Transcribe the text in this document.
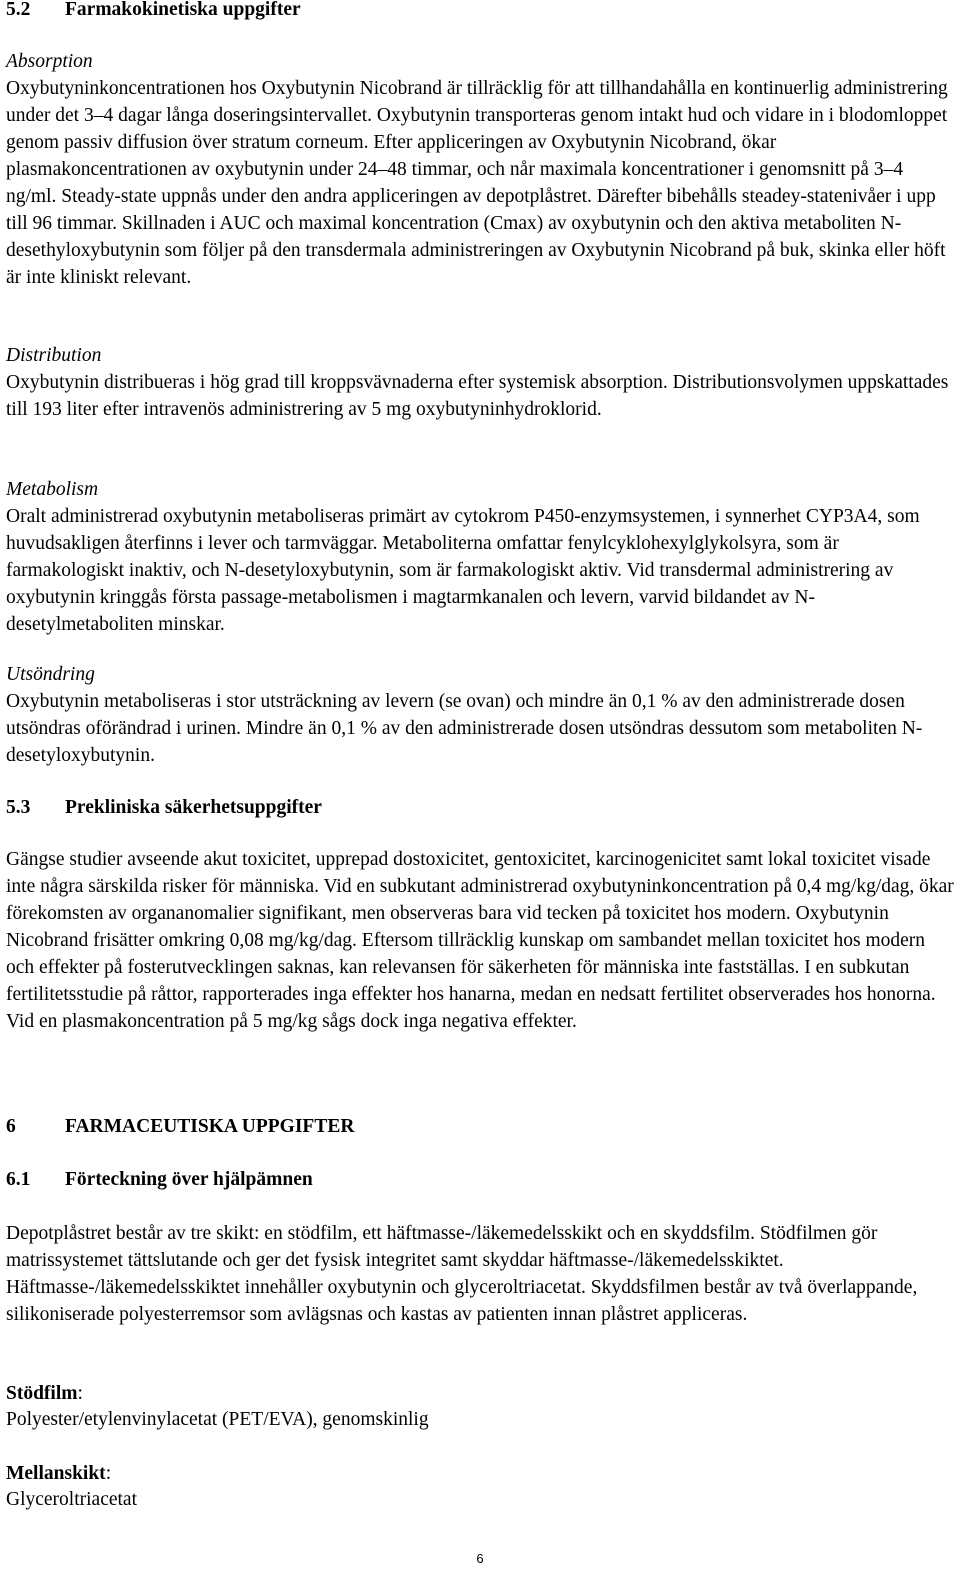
5.2 Farmakokinetiska uppgifter
Absorption
Oxybutyninkoncentrationen hos Oxybutynin Nicobrand är tillräcklig för att tillhandahålla en kontinuerlig administrering under det 3–4 dagar långa doseringsintervallet. Oxybutynin transporteras genom intakt hud och vidare in i blodomloppet genom passiv diffusion över stratum corneum. Efter appliceringen av Oxybutynin Nicobrand, ökar plasmakoncentrationen av oxybutynin under 24–48 timmar, och når maximala koncentrationer i genomsnitt på 3–4 ng/ml. Steady-state uppnås under den andra appliceringen av depotplåstret. Därefter bibehålls steadey-statenivåer i upp till 96 timmar. Skillnaden i AUC och maximal koncentration (Cmax) av oxybutynin och den aktiva metaboliten N-desethyloxybutynin som följer på den transdermala administreringen av Oxybutynin Nicobrand på buk, skinka eller höft är inte kliniskt relevant.
Distribution
Oxybutynin distribueras i hög grad till kroppsvävnaderna efter systemisk absorption. Distributionsvolymen uppskattades till 193 liter efter intravenös administrering av 5 mg oxybutyninhydroklorid.
Metabolism
Oralt administrerad oxybutynin metaboliseras primärt av cytokrom P450-enzymsystemen, i synnerhet CYP3A4, som huvudsakligen återfinns i lever och tarmväggar. Metaboliterna omfattar fenylcyklohexylglykolsyra, som är farmakologiskt inaktiv, och N-desetyloxybutynin, som är farmakologiskt aktiv. Vid transdermal administrering av oxybutynin kringgås första passage-metabolismen i magtarmkanalen och levern, varvid bildandet av N-desetylmetaboliten minskar.
Utsöndring
Oxybutynin metaboliseras i stor utsträckning av levern (se ovan) och mindre än 0,1 % av den administrerade dosen utsöndras oförändrad i urinen. Mindre än 0,1 % av den administrerade dosen utsöndras dessutom som metaboliten N-desetyloxybutynin.
5.3 Prekliniska säkerhetsuppgifter
Gängse studier avseende akut toxicitet, upprepad dostoxicitet, gentoxicitet, karcinogenicitet samt lokal toxicitet visade inte några särskilda risker för människa. Vid en subkutant administrerad oxybutyninkoncentration på 0,4 mg/kg/dag, ökar förekomsten av organanomalier signifikant, men observeras bara vid tecken på toxicitet hos modern. Oxybutynin Nicobrand frisätter omkring 0,08 mg/kg/dag. Eftersom tillräcklig kunskap om sambandet mellan toxicitet hos modern och effekter på fosterutvecklingen saknas, kan relevansen för säkerheten för människa inte fastställas. I en subkutan fertilitetsstudie på råttor, rapporterades inga effekter hos hanarna, medan en nedsatt fertilitet observerades hos honorna. Vid en plasmakoncentration på 5 mg/kg sågs dock inga negativa effekter.
6	FARMACEUTISKA UPPGIFTER
6.1 Förteckning över hjälpämnen
Depotplåstret består av tre skikt: en stödfilm, ett häftmasse-/läkemedelsskikt och en skyddsfilm. Stödfilmen gör matrissystemet tättslutande och ger det fysisk integritet samt skyddar häftmasse-/läkemedelsskiktet. Häftmasse-/läkemedelsskiktet innehåller oxybutynin och glyceroltriacetat. Skyddsfilmen består av två överlappande, silikoniserade polyesterremsor som avlägsnas och kastas av patienten innan plåstret appliceras.
Stödfilm:
Polyester/etylenvinylacetat (PET/EVA), genomskinlig
Mellanskikt:
Glyceroltriacetat
6
